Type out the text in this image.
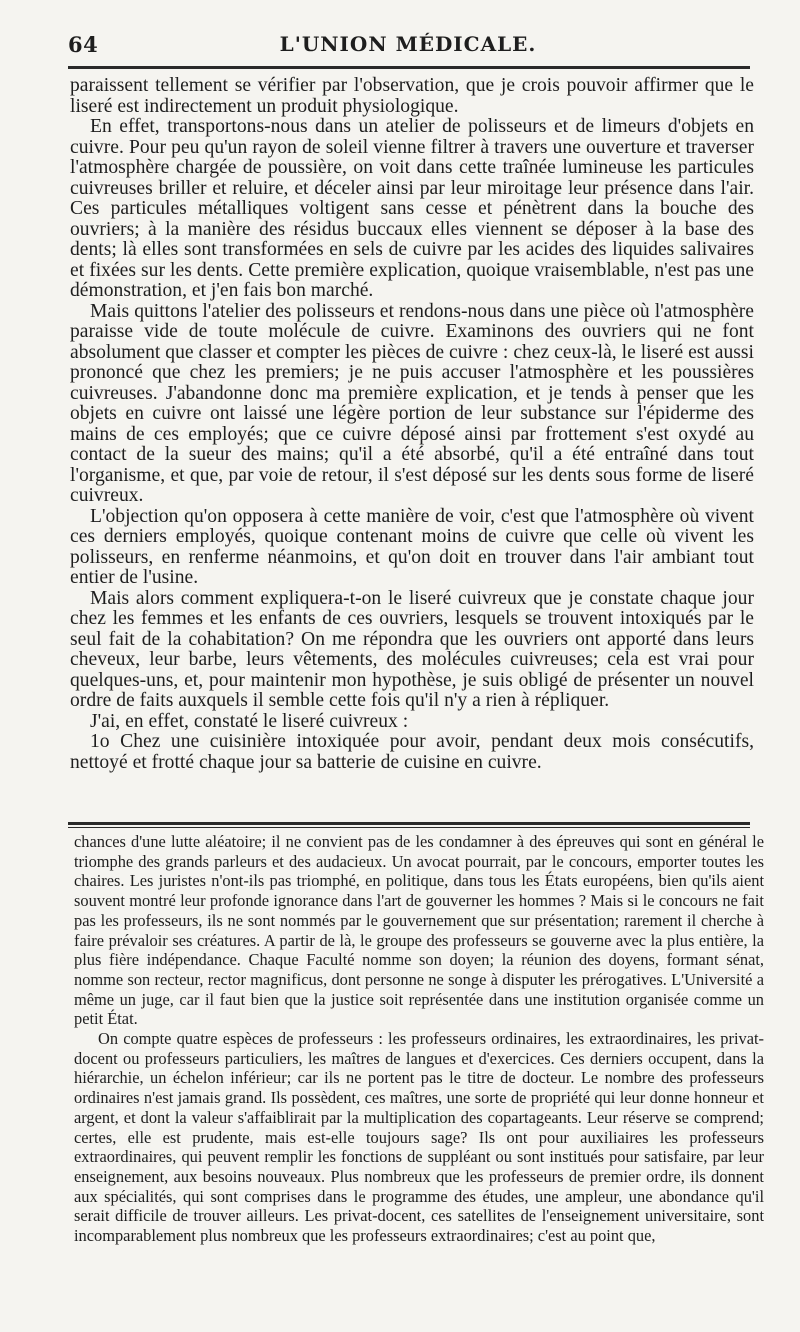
64	L'UNION MÉDICALE.

paraissent tellement se vérifier par l'observation, que je crois pouvoir affirmer que le liseré est indirectement un produit physiologique.

En effet, transportons-nous dans un atelier de polisseurs et de limeurs d'objets en cuivre. Pour peu qu'un rayon de soleil vienne filtrer à travers une ouverture et traverser l'atmosphère chargée de poussière, on voit dans cette traînée lumineuse les particules cuivreuses briller et reluire, et déceler ainsi par leur miroitage leur présence dans l'air. Ces particules métalliques voltigent sans cesse et pénètrent dans la bouche des ouvriers; à la manière des résidus buccaux elles viennent se déposer à la base des dents; là elles sont transformées en sels de cuivre par les acides des liquides salivaires et fixées sur les dents. Cette première explication, quoique vraisemblable, n'est pas une démonstration, et j'en fais bon marché.

Mais quittons l'atelier des polisseurs et rendons-nous dans une pièce où l'atmosphère paraisse vide de toute molécule de cuivre. Examinons des ouvriers qui ne font absolument que classer et compter les pièces de cuivre : chez ceux-là, le liseré est aussi prononcé que chez les premiers; je ne puis accuser l'atmosphère et les poussières cuivreuses. J'abandonne donc ma première explication, et je tends à penser que les objets en cuivre ont laissé une légère portion de leur substance sur l'épiderme des mains de ces employés; que ce cuivre déposé ainsi par frottement s'est oxydé au contact de la sueur des mains; qu'il a été absorbé, qu'il a été entraîné dans tout l'organisme, et que, par voie de retour, il s'est déposé sur les dents sous forme de liseré cuivreux.

L'objection qu'on opposera à cette manière de voir, c'est que l'atmosphère où vivent ces derniers employés, quoique contenant moins de cuivre que celle où vivent les polisseurs, en renferme néanmoins, et qu'on doit en trouver dans l'air ambiant tout entier de l'usine.

Mais alors comment expliquera-t-on le liseré cuivreux que je constate chaque jour chez les femmes et les enfants de ces ouvriers, lesquels se trouvent intoxiqués par le seul fait de la cohabitation? On me répondra que les ouvriers ont apporté dans leurs cheveux, leur barbe, leurs vêtements, des molécules cuivreuses; cela est vrai pour quelques-uns, et, pour maintenir mon hypothèse, je suis obligé de présenter un nouvel ordre de faits auxquels il semble cette fois qu'il n'y a rien à répliquer.

J'ai, en effet, constaté le liseré cuivreux :

1o Chez une cuisinière intoxiquée pour avoir, pendant deux mois consécutifs, nettoyé et frotté chaque jour sa batterie de cuisine en cuivre.

chances d'une lutte aléatoire; il ne convient pas de les condamner à des épreuves qui sont en général le triomphe des grands parleurs et des audacieux. Un avocat pourrait, par le concours, emporter toutes les chaires. Les juristes n'ont-ils pas triomphé, en politique, dans tous les États européens, bien qu'ils aient souvent montré leur profonde ignorance dans l'art de gouverner les hommes ? Mais si le concours ne fait pas les professeurs, ils ne sont nommés par le gouvernement que sur présentation; rarement il cherche à faire prévaloir ses créatures. A partir de là, le groupe des professeurs se gouverne avec la plus entière, la plus fière indépendance. Chaque Faculté nomme son doyen; la réunion des doyens, formant sénat, nomme son recteur, rector magnificus, dont personne ne songe à disputer les prérogatives. L'Université a même un juge, car il faut bien que la justice soit représentée dans une institution organisée comme un petit État.

On compte quatre espèces de professeurs : les professeurs ordinaires, les extraordinaires, les privat-docent ou professeurs particuliers, les maîtres de langues et d'exercices. Ces derniers occupent, dans la hiérarchie, un échelon inférieur; car ils ne portent pas le titre de docteur. Le nombre des professeurs ordinaires n'est jamais grand. Ils possèdent, ces maîtres, une sorte de propriété qui leur donne honneur et argent, et dont la valeur s'affaiblirait par la multiplication des copartageants. Leur réserve se comprend; certes, elle est prudente, mais est-elle toujours sage? Ils ont pour auxiliaires les professeurs extraordinaires, qui peuvent remplir les fonctions de suppléant ou sont institués pour satisfaire, par leur enseignement, aux besoins nouveaux. Plus nombreux que les professeurs de premier ordre, ils donnent aux spécialités, qui sont comprises dans le programme des études, une ampleur, une abondance qu'il serait difficile de trouver ailleurs. Les privat-docent, ces satellites de l'enseignement universitaire, sont incomparablement plus nombreux que les professeurs extraordinaires; c'est au point que,
